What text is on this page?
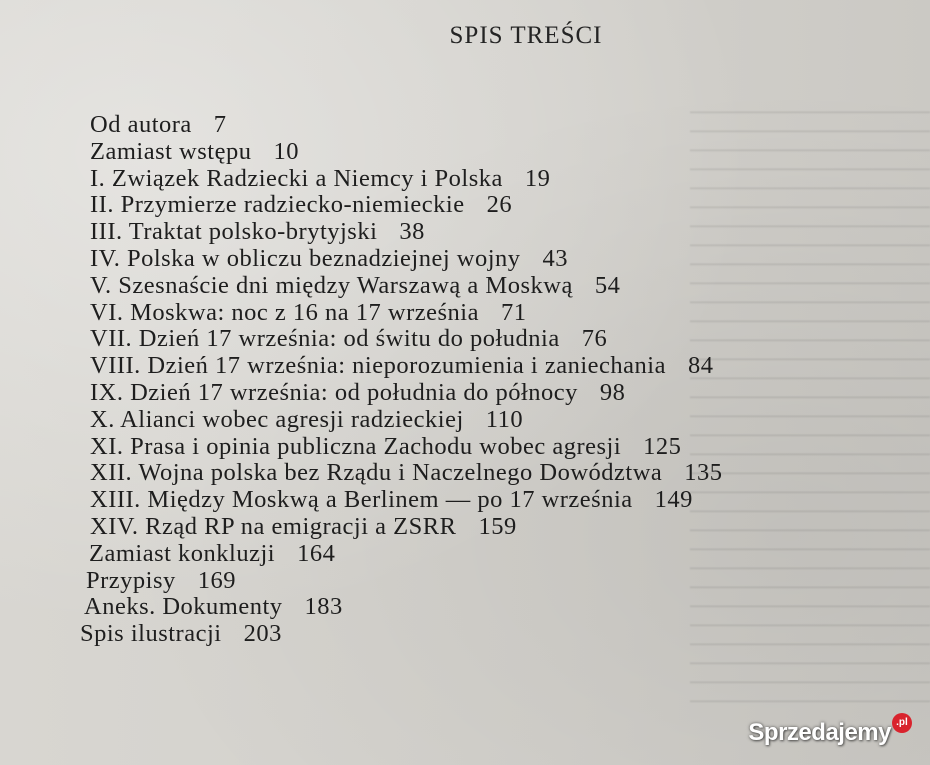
SPIS TREŚCI
Od autora 7
Zamiast wstępu 10
I. Związek Radziecki a Niemcy i Polska 19
II. Przymierze radziecko-niemieckie 26
III. Traktat polsko-brytyjski 38
IV. Polska w obliczu beznadziejnej wojny 43
V. Szesnaście dni między Warszawą a Moskwą 54
VI. Moskwa: noc z 16 na 17 września 71
VII. Dzień 17 września: od świtu do południa 76
VIII. Dzień 17 września: nieporozumienia i zaniechania 84
IX. Dzień 17 września: od południa do północy 98
X. Alianci wobec agresji radzieckiej 110
XI. Prasa i opinia publiczna Zachodu wobec agresji 125
XII. Wojna polska bez Rządu i Naczelnego Dowództwa 135
XIII. Między Moskwą a Berlinem — po 17 września 149
XIV. Rząd RP na emigracji a ZSRR 159
Zamiast konkluzji 164
Przypisy 169
Aneks. Dokumenty 183
Spis ilustracji 203
Sprzedajemy .pl
